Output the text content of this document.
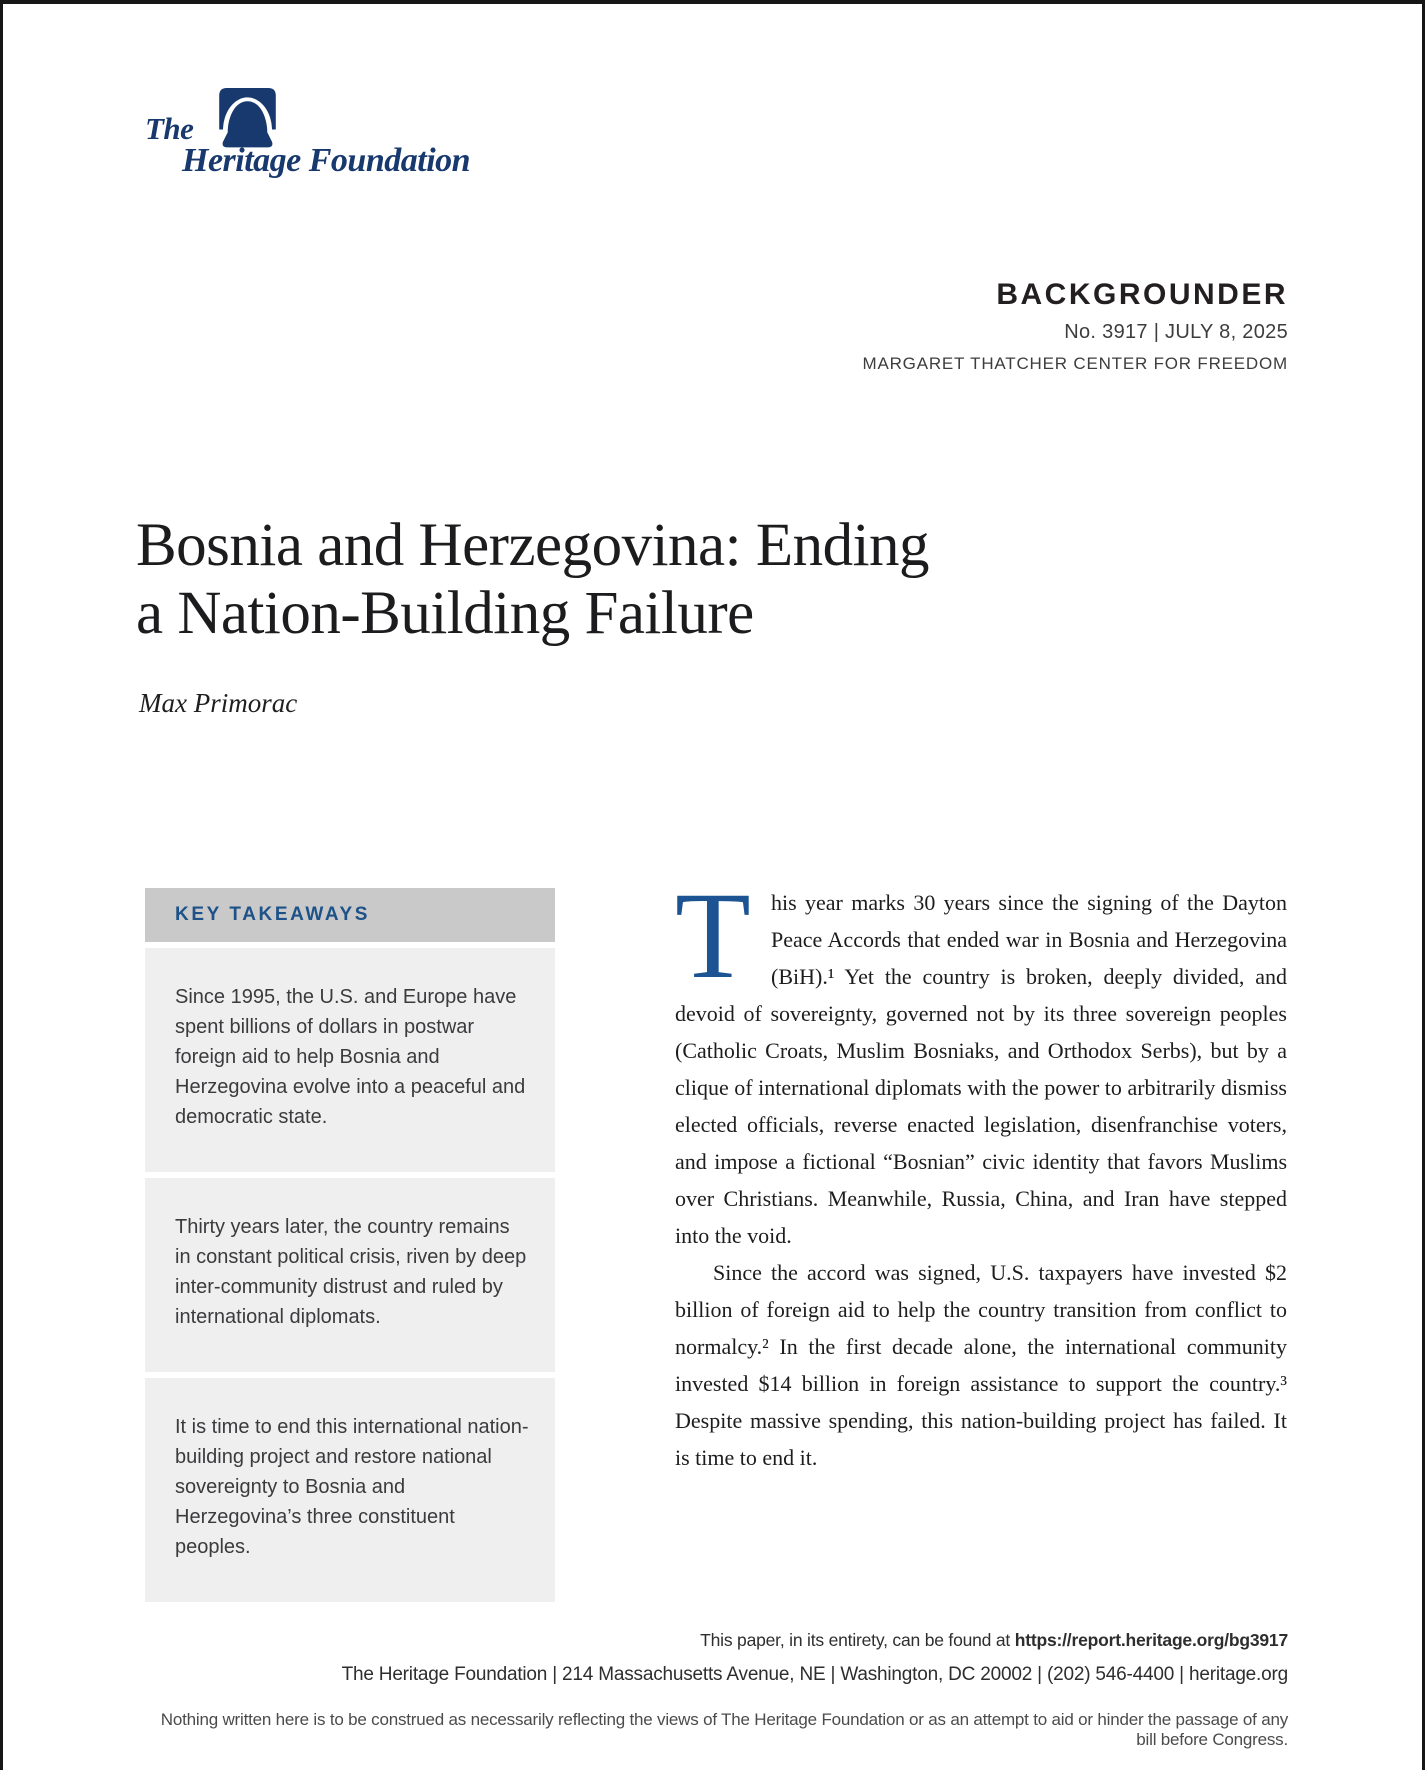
The
Heritage Foundation
BACKGROUNDER
No. 3917 | JULY 8, 2025
MARGARET THATCHER CENTER FOR FREEDOM
Bosnia and Herzegovina: Ending
a Nation-Building Failure
Max Primorac
KEY TAKEAWAYS
Since 1995, the U.S. and Europe have spent billions of dollars in postwar foreign aid to help Bosnia and Herzegovina evolve into a peaceful and democratic state.
Thirty years later, the country remains in constant political crisis, riven by deep inter-community distrust and ruled by international diplomats.
It is time to end this international nation-building project and restore national sovereignty to Bosnia and Herzegovina’s three constituent peoples.

This year marks 30 years since the signing of the Dayton Peace Accords that ended war in Bosnia and Herzegovina (BiH).¹ Yet the country is broken, deeply divided, and devoid of sovereignty, governed not by its three sovereign peoples (Catholic Croats, Muslim Bosniaks, and Orthodox Serbs), but by a clique of international diplomats with the power to arbitrarily dismiss elected officials, reverse enacted legislation, disenfranchise voters, and impose a fictional “Bosnian” civic identity that favors Muslims over Christians. Meanwhile, Russia, China, and Iran have stepped into the void.

Since the accord was signed, U.S. taxpayers have invested $2 billion of foreign aid to help the country transition from conflict to normalcy.² In the first decade alone, the international community invested $14 billion in foreign assistance to support the country.³ Despite massive spending, this nation-building project has failed. It is time to end it.

This paper, in its entirety, can be found at https://report.heritage.org/bg3917
The Heritage Foundation | 214 Massachusetts Avenue, NE | Washington, DC 20002 | (202) 546-4400 | heritage.org
Nothing written here is to be construed as necessarily reflecting the views of The Heritage Foundation or as an attempt to aid or hinder the passage of any bill before Congress.
